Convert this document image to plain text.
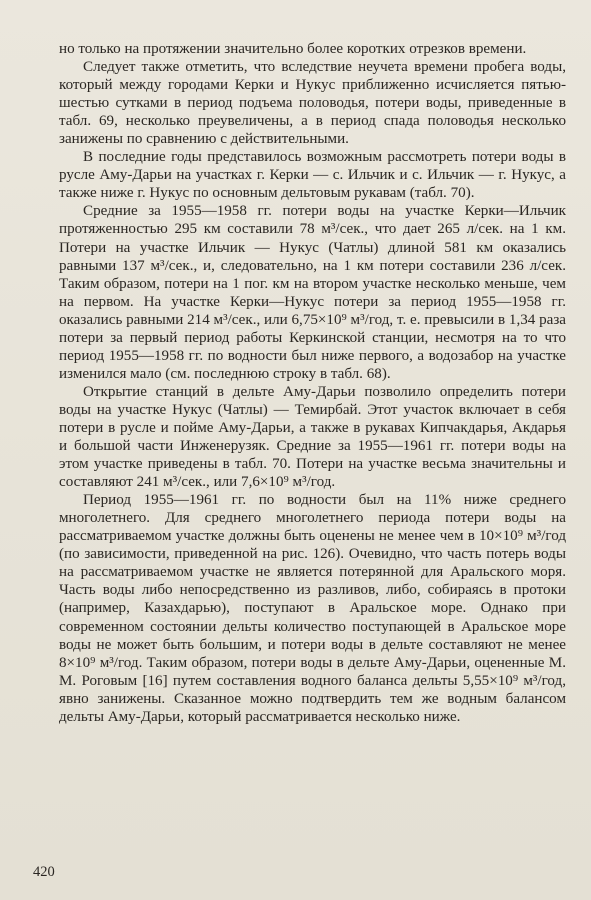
но только на протяжении значительно более коротких отрезков времени.

Следует также отметить, что вследствие неучета времени пробега воды, который между городами Керки и Нукус приближенно исчисляется пятью-шестью сутками в период подъема половодья, потери воды, приведенные в табл. 69, несколько преувеличены, а в период спада половодья несколько занижены по сравнению с действительными.

В последние годы представилось возможным рассмотреть потери воды в русле Аму-Дарьи на участках г. Керки — с. Ильчик и с. Ильчик — г. Нукус, а также ниже г. Нукус по основным дельтовым рукавам (табл. 70).

Средние за 1955—1958 гг. потери воды на участке Керки—Ильчик протяженностью 295 км составили 78 м³/сек., что дает 265 л/сек. на 1 км. Потери на участке Ильчик — Нукус (Чатлы) длиной 581 км оказались равными 137 м³/сек., и, следовательно, на 1 км потери составили 236 л/сек. Таким образом, потери на 1 пог. км на втором участке несколько меньше, чем на первом. На участке Керки—Нукус потери за период 1955—1958 гг. оказались равными 214 м³/сек., или 6,75×10⁹ м³/год, т. е. превысили в 1,34 раза потери за первый период работы Керкинской станции, несмотря на то что период 1955—1958 гг. по водности был ниже первого, а водозабор на участке изменился мало (см. последнюю строку в табл. 68).

Открытие станций в дельте Аму-Дарьи позволило определить потери воды на участке Нукус (Чатлы) — Темирбай. Этот участок включает в себя потери в русле и пойме Аму-Дарьи, а также в рукавах Кипчакдарья, Акдарья и большой части Инженерузяк. Средние за 1955—1961 гг. потери воды на этом участке приведены в табл. 70. Потери на участке весьма значительны и составляют 241 м³/сек., или 7,6×10⁹ м³/год.

Период 1955—1961 гг. по водности был на 11% ниже среднего многолетнего. Для среднего многолетнего периода потери воды на рассматриваемом участке должны быть оценены не менее чем в 10×10⁹ м³/год (по зависимости, приведенной на рис. 126). Очевидно, что часть потерь воды на рассматриваемом участке не является потерянной для Аральского моря. Часть воды либо непосредственно из разливов, либо, собираясь в протоки (например, Казахдарью), поступают в Аральское море. Однако при современном состоянии дельты количество поступающей в Аральское море воды не может быть большим, и потери воды в дельте составляют не менее 8×10⁹ м³/год. Таким образом, потери воды в дельте Аму-Дарьи, оцененные М. М. Роговым [16] путем составления водного баланса дельты 5,55×10⁹ м³/год, явно занижены. Сказанное можно подтвердить тем же водным балансом дельты Аму-Дарьи, который рассматривается несколько ниже.

420
